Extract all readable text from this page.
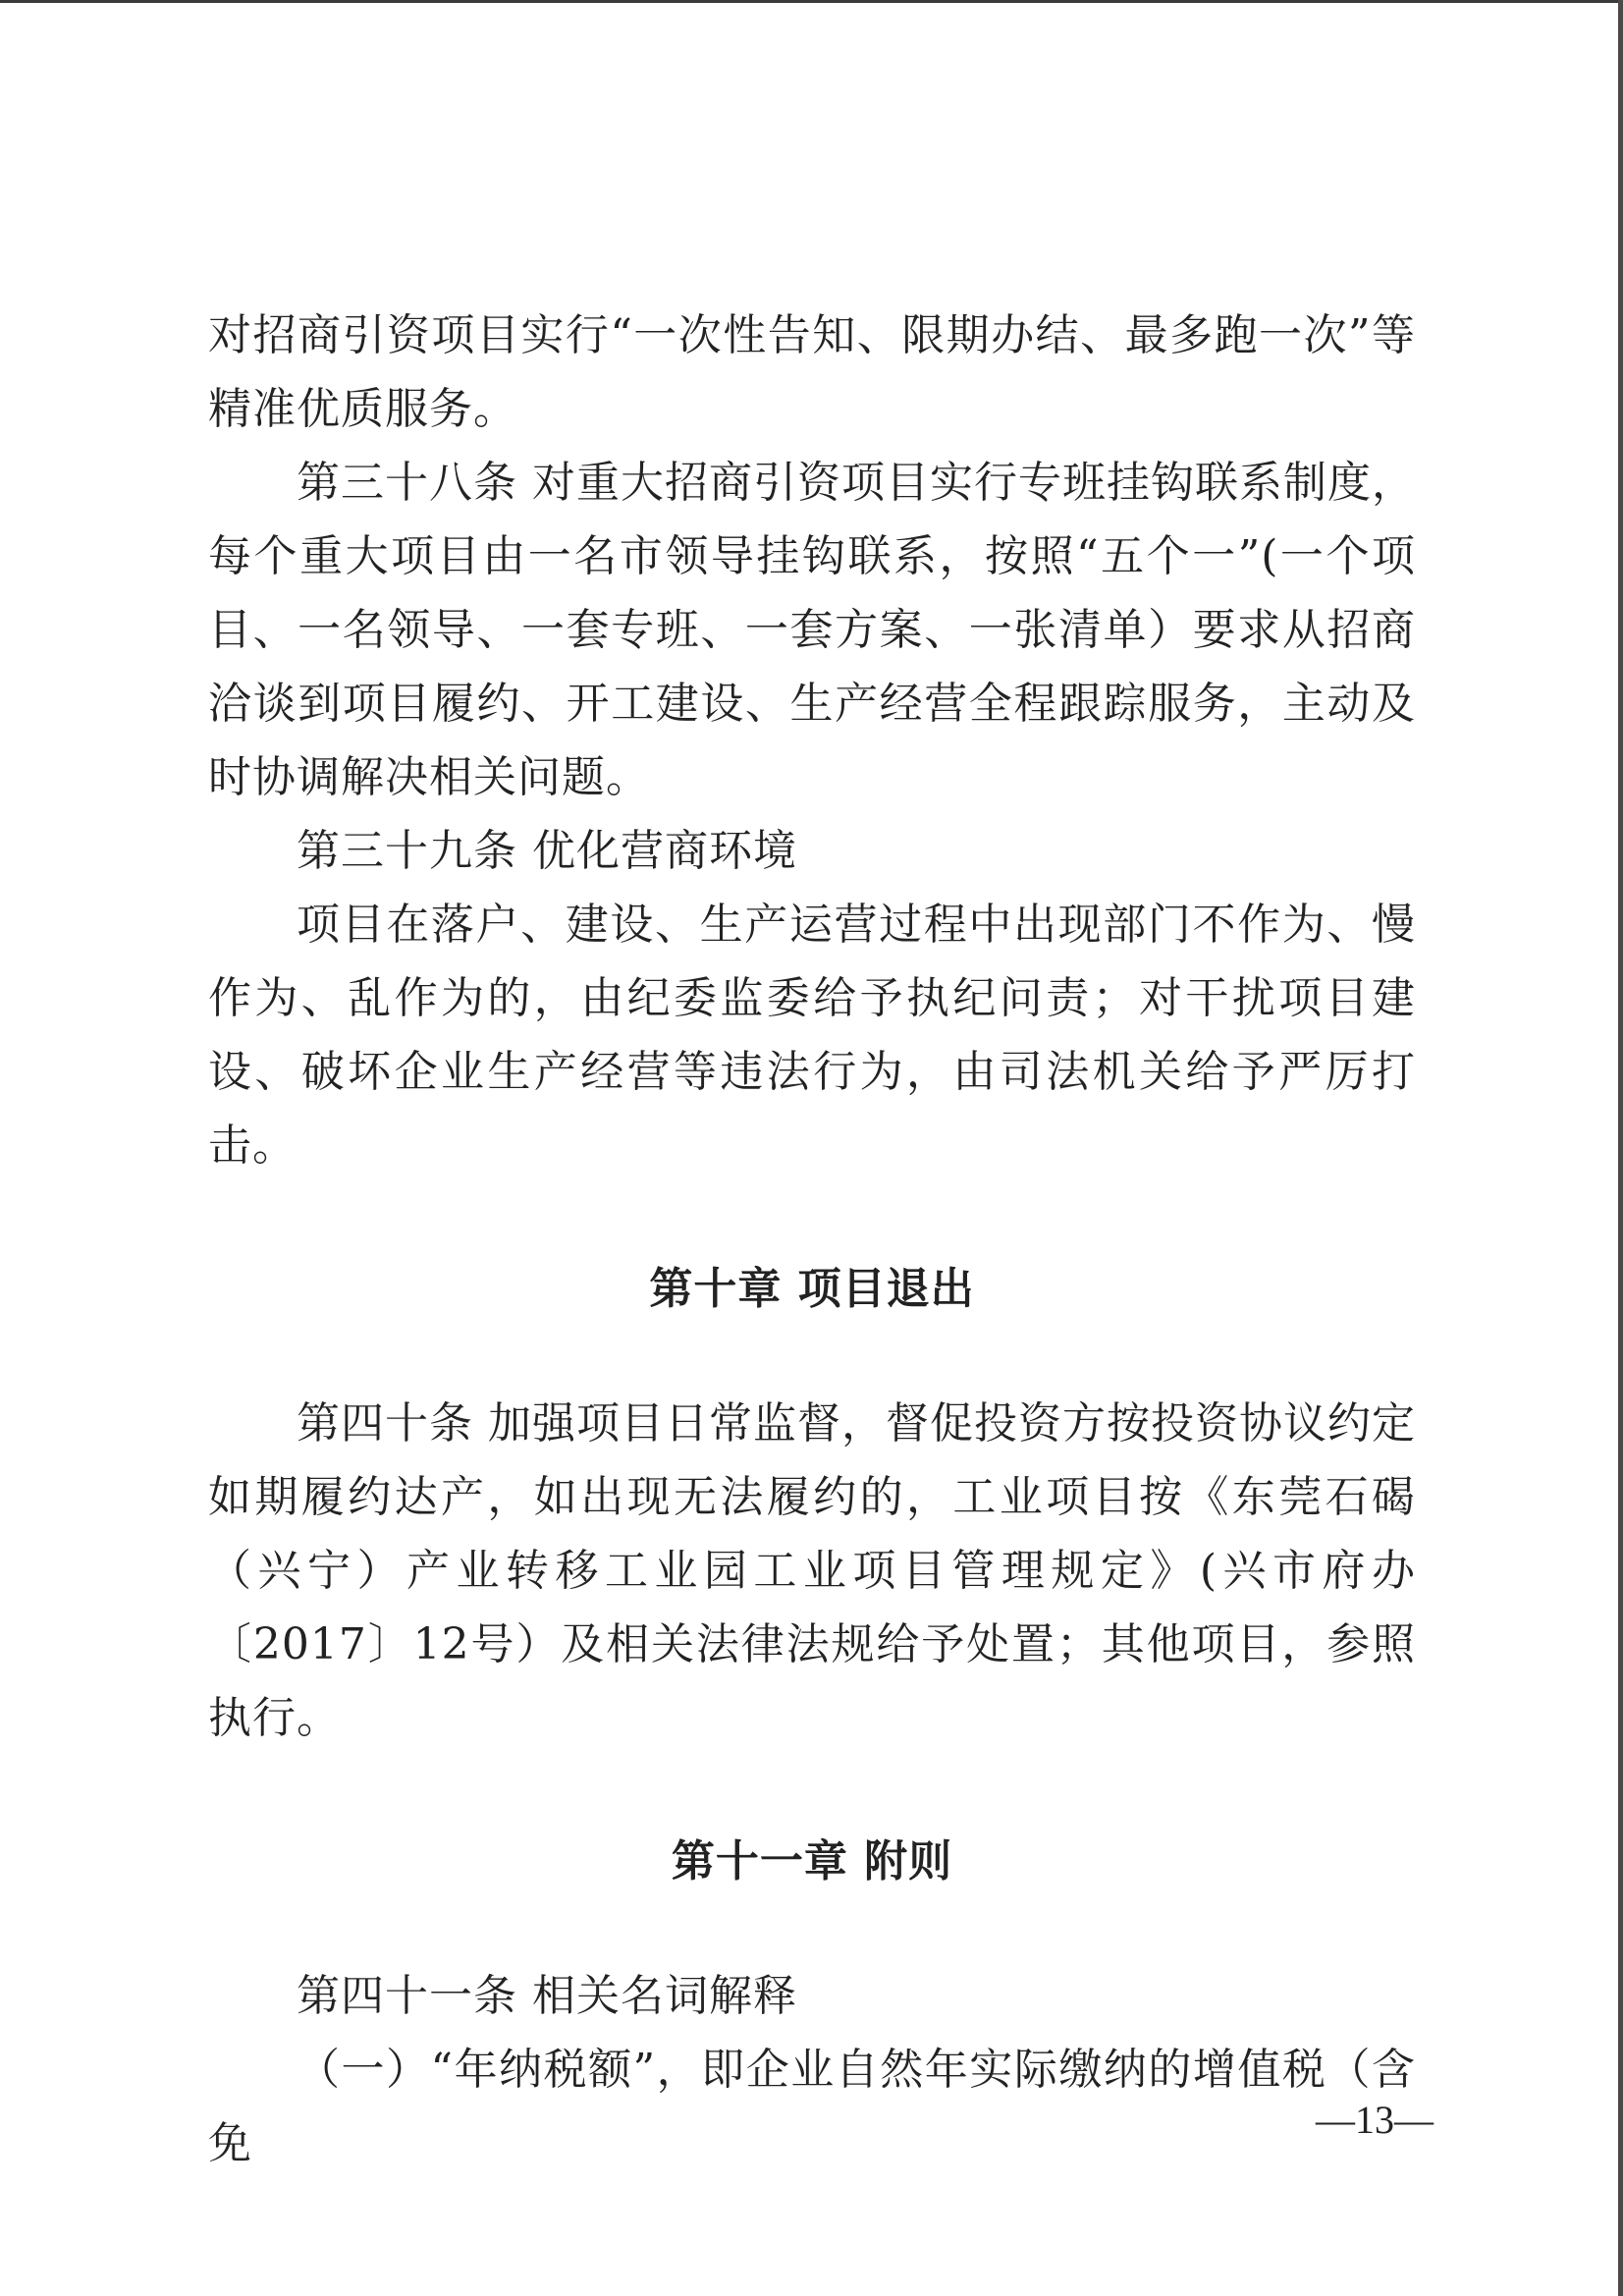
对招商引资项目实行“一次性告知、限期办结、最多跑一次”等精准优质服务。

第三十八条 对重大招商引资项目实行专班挂钩联系制度，每个重大项目由一名市领导挂钩联系，按照“五个一”(一个项目、一名领导、一套专班、一套方案、一张清单）要求从招商洽谈到项目履约、开工建设、生产经营全程跟踪服务，主动及时协调解决相关问题。

第三十九条 优化营商环境

项目在落户、建设、生产运营过程中出现部门不作为、慢作为、乱作为的，由纪委监委给予执纪问责；对干扰项目建设、破坏企业生产经营等违法行为，由司法机关给予严厉打击。

第十章 项目退出

第四十条 加强项目日常监督，督促投资方按投资协议约定如期履约达产，如出现无法履约的，工业项目按《东莞石碣（兴宁）产业转移工业园工业项目管理规定》(兴市府办〔2017〕12号）及相关法律法规给予处置；其他项目，参照执行。

第十一章 附则

第四十一条 相关名词解释

（一）“年纳税额”，即企业自然年实际缴纳的增值税（含免	—13—
